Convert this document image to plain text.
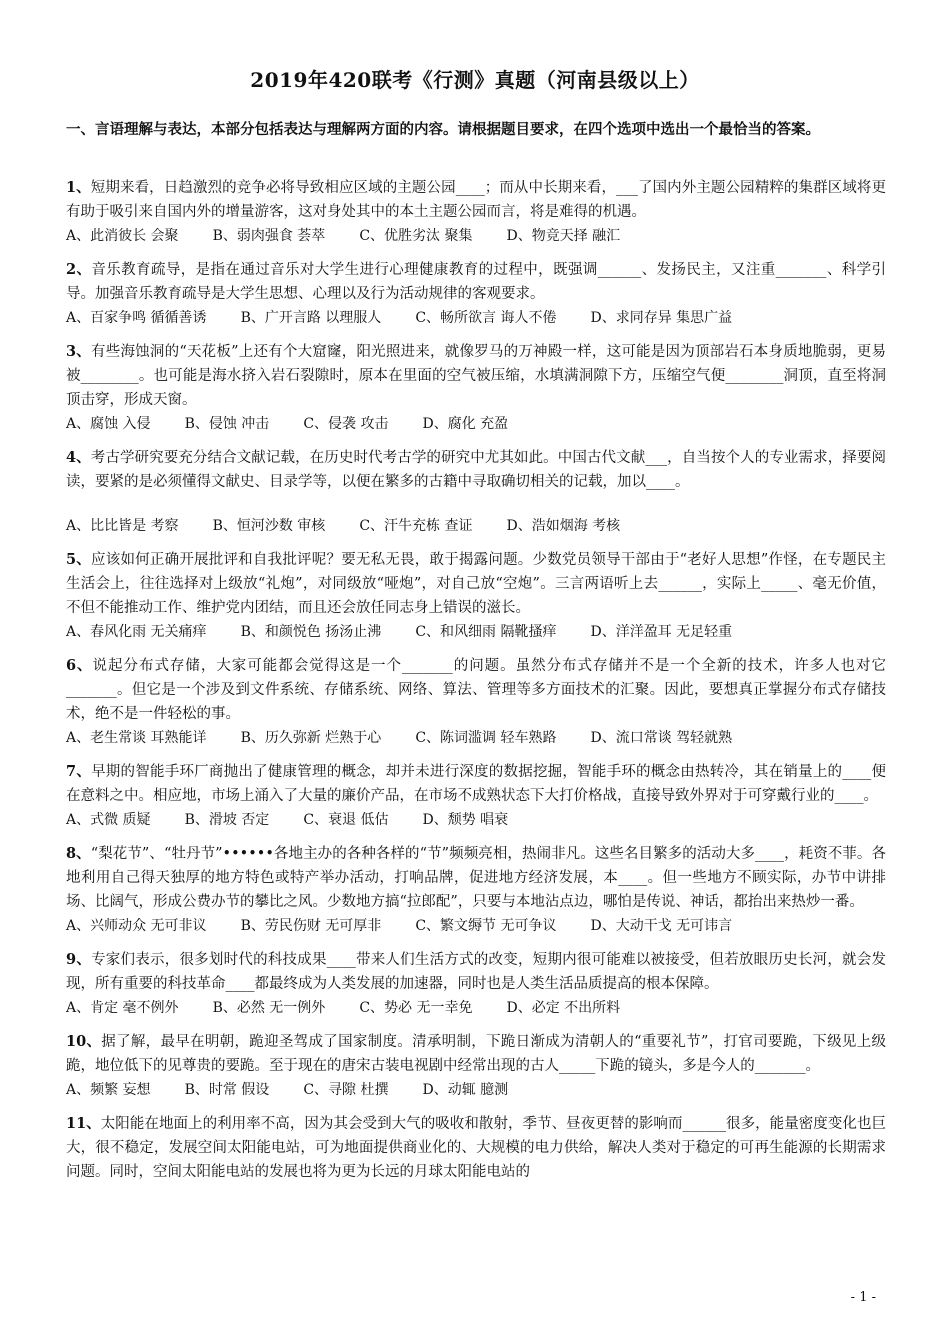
2019年420联考《行测》真题（河南县级以上）
一、言语理解与表达，本部分包括表达与理解两方面的内容。请根据题目要求，在四个选项中选出一个最恰当的答案。
1、短期来看，日趋激烈的竞争必将导致相应区域的主题公园____；而从中长期来看，___了国内外主题公园精粹的集群区域将更有助于吸引来自国内外的增量游客，这对身处其中的本土主题公园而言，将是难得的机遇。
A、此消彼长 会聚 B、弱肉强食 荟萃 C、优胜劣汰 聚集 D、物竞天择 融汇
2、音乐教育疏导，是指在通过音乐对大学生进行心理健康教育的过程中，既强调______、发扬民主，又注重_______、科学引导。加强音乐教育疏导是大学生思想、心理以及行为活动规律的客观要求。
A、百家争鸣 循循善诱 B、广开言路 以理服人 C、畅所欲言 诲人不倦 D、求同存异 集思广益
3、有些海蚀洞的“天花板”上还有个大窟窿，阳光照进来，就像罗马的万神殿一样，这可能是因为顶部岩石本身质地脆弱，更易被________。也可能是海水挤入岩石裂隙时，原本在里面的空气被压缩，水填满洞隙下方，压缩空气便________洞顶，直至将洞顶击穿，形成天窗。
A、腐蚀 入侵 B、侵蚀 冲击 C、侵袭 攻击 D、腐化 充盈
4、考古学研究要充分结合文献记载，在历史时代考古学的研究中尤其如此。中国古代文献___，自当按个人的专业需求，择要阅读，要紧的是必须懂得文献史、目录学等，以便在繁多的古籍中寻取确切相关的记载，加以____。
A、比比皆是 考察 B、恒河沙数 审核 C、汗牛充栋 查证 D、浩如烟海 考核
5、应该如何正确开展批评和自我批评呢？要无私无畏，敢于揭露问题。少数党员领导干部由于“老好人思想”作怪，在专题民主生活会上，往往选择对上级放“礼炮”，对同级放“哑炮”，对自己放“空炮”。三言两语听上去______，实际上_____、毫无价值，不但不能推动工作、维护党内团结，而且还会放任同志身上错误的滋长。
A、春风化雨 无关痛痒 B、和颜悦色 扬汤止沸 C、和风细雨 隔靴搔痒 D、洋洋盈耳 无足轻重
6、说起分布式存储，大家可能都会觉得这是一个_______的问题。虽然分布式存储并不是一个全新的技术，许多人也对它_______。但它是一个涉及到文件系统、存储系统、网络、算法、管理等多方面技术的汇聚。因此，要想真正掌握分布式存储技术，绝不是一件轻松的事。
A、老生常谈 耳熟能详 B、历久弥新 烂熟于心 C、陈词滥调 轻车熟路 D、流口常谈 驾轻就熟
7、早期的智能手环厂商抛出了健康管理的概念，却并未进行深度的数据挖掘，智能手环的概念由热转冷，其在销量上的____便在意料之中。相应地，市场上涌入了大量的廉价产品，在市场不成熟状态下大打价格战，直接导致外界对于可穿戴行业的____。
A、式微 质疑 B、滑坡 否定 C、衰退 低估 D、颓势 唱衰
8、“梨花节”、“牡丹节”••••••各地主办的各种各样的“节”频频亮相，热闹非凡。这些名目繁多的活动大多____，耗资不菲。各地利用自己得天独厚的地方特色或特产举办活动，打响品牌，促进地方经济发展，本____。但一些地方不顾实际，办节中讲排场、比阔气，形成公费办节的攀比之风。少数地方搞“拉郎配”，只要与本地沾点边，哪怕是传说、神话，都抬出来热炒一番。
A、兴师动众 无可非议 B、劳民伤财 无可厚非 C、繁文缛节 无可争议 D、大动干戈 无可讳言
9、专家们表示，很多划时代的科技成果____带来人们生活方式的改变，短期内很可能难以被接受，但若放眼历史长河，就会发现，所有重要的科技革命____都最终成为人类发展的加速器，同时也是人类生活品质提高的根本保障。
A、肯定 毫不例外 B、必然 无一例外 C、势必 无一幸免 D、必定 不出所料
10、据了解，最早在明朝，跪迎圣驾成了国家制度。清承明制，下跪日渐成为清朝人的“重要礼节”，打官司要跪，下级见上级跪，地位低下的见尊贵的要跪。至于现在的唐宋古装电视剧中经常出现的古人_____下跪的镜头，多是今人的_______。
A、频繁 妄想 B、时常 假设 C、寻隙 杜撰 D、动辄 臆测
11、太阳能在地面上的利用率不高，因为其会受到大气的吸收和散射，季节、昼夜更替的影响而______很多，能量密度变化也巨大，很不稳定，发展空间太阳能电站，可为地面提供商业化的、大规模的电力供给，解决人类对于稳定的可再生能源的长期需求问题。同时，空间太阳能电站的发展也将为更为长远的月球太阳能电站的
- 1 -
